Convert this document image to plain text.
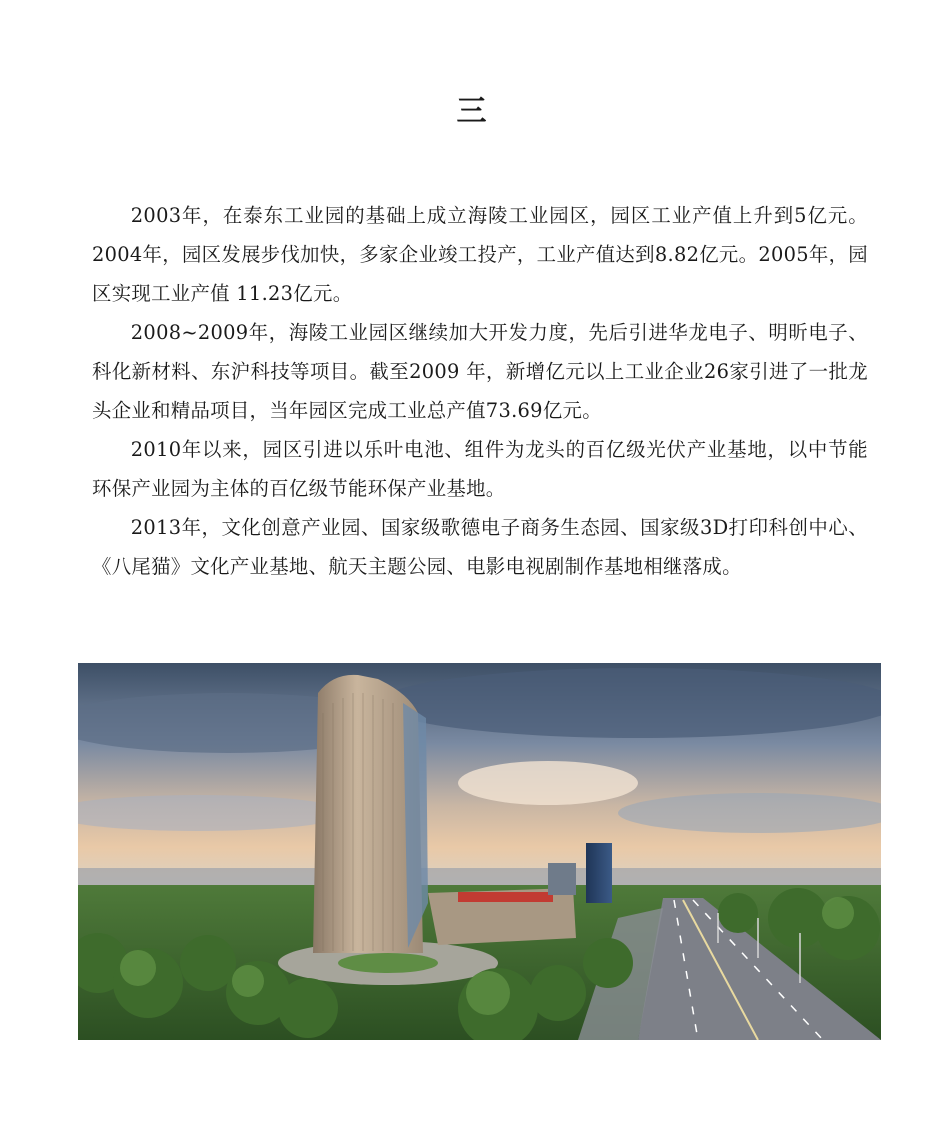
三

2003年，在泰东工业园的基础上成立海陵工业园区，园区工业产值上升到5亿元。2004年，园区发展步伐加快，多家企业竣工投产，工业产值达到8.82亿元。2005年，园区实现工业产值 11.23亿元。

2008~2009年，海陵工业园区继续加大开发力度，先后引进华龙电子、明昕电子、科化新材料、东沪科技等项目。截至2009 年，新增亿元以上工业企业26家引进了一批龙头企业和精品项目，当年园区完成工业总产值73.69亿元。

2010年以来，园区引进以乐叶电池、组件为龙头的百亿级光伏产业基地，以中节能环保产业园为主体的百亿级节能环保产业基地。

2013年，文化创意产业园、国家级歌德电子商务生态园、国家级3D打印科创中心、《八尾猫》文化产业基地、航天主题公园、电影电视剧制作基地相继落成。
